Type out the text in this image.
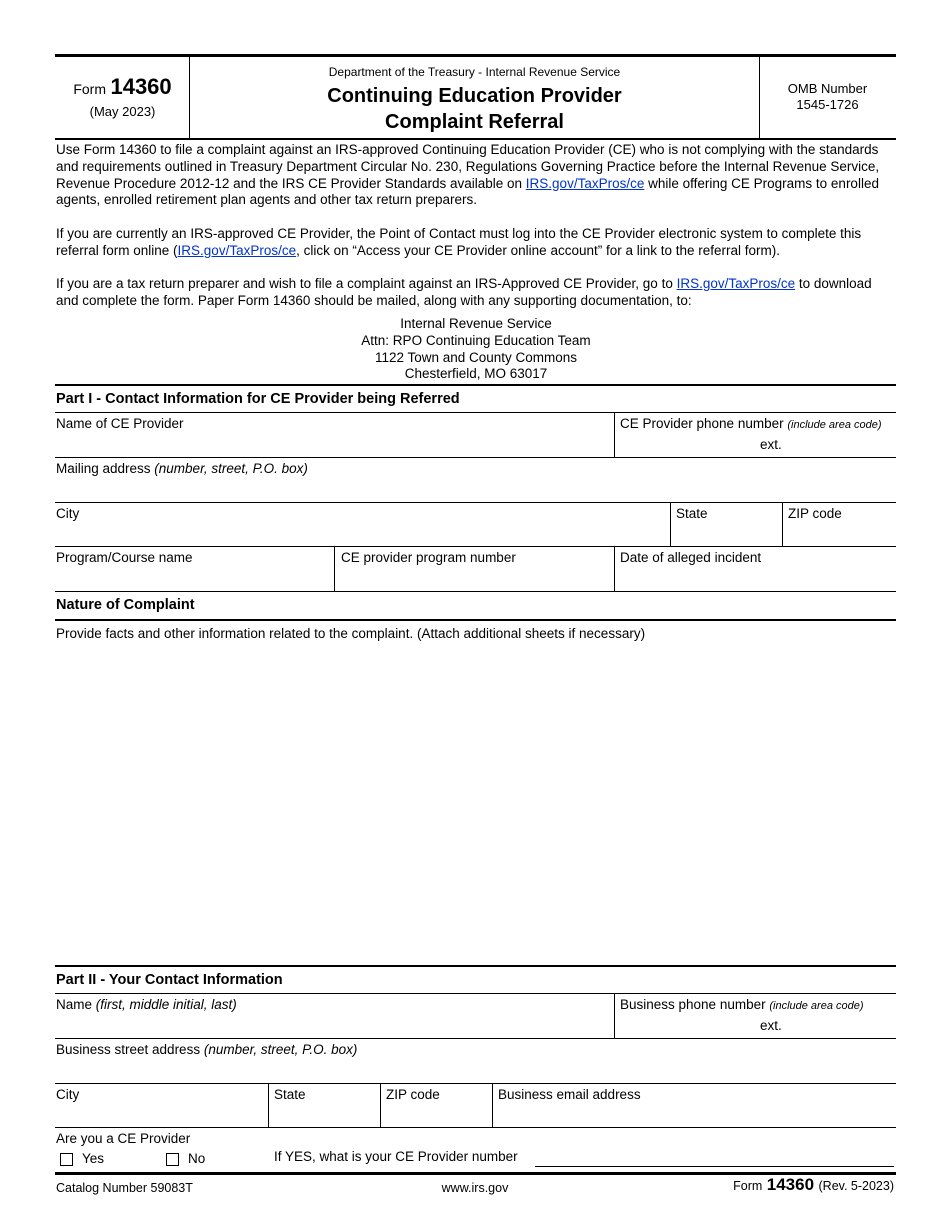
Form 14360
(May 2023)
Department of the Treasury - Internal Revenue Service
Continuing Education Provider
Complaint Referral
OMB Number
1545-1726
Use Form 14360 to file a complaint against an IRS-approved Continuing Education Provider (CE) who is not complying with the standards and requirements outlined in Treasury Department Circular No. 230, Regulations Governing Practice before the Internal Revenue Service, Revenue Procedure 2012-12 and the IRS CE Provider Standards available on IRS.gov/TaxPros/ce while offering CE Programs to enrolled agents, enrolled retirement plan agents and other tax return preparers.
If you are currently an IRS-approved CE Provider, the Point of Contact must log into the CE Provider electronic system to complete this referral form online (IRS.gov/TaxPros/ce, click on “Access your CE Provider online account” for a link to the referral form).
If you are a tax return preparer and wish to file a complaint against an IRS-Approved CE Provider, go to IRS.gov/TaxPros/ce to download and complete the form. Paper Form 14360 should be mailed, along with any supporting documentation, to:
Internal Revenue Service
Attn: RPO Continuing Education Team
1122 Town and County Commons
Chesterfield, MO 63017
Part I - Contact Information for CE Provider being Referred
Name of CE Provider	CE Provider phone number (include area code)
ext.
Mailing address (number, street, P.O. box)
City	State	ZIP code
Program/Course name	CE provider program number	Date of alleged incident
Nature of Complaint
Provide facts and other information related to the complaint. (Attach additional sheets if necessary)
Part II - Your Contact Information
Name (first, middle initial, last)	Business phone number (include area code)
ext.
Business street address (number, street, P.O. box)
City	State	ZIP code	Business email address
Are you a CE Provider
Yes	No	If YES, what is your CE Provider number
Catalog Number 59083T	www.irs.gov	Form 14360 (Rev. 5-2023)
